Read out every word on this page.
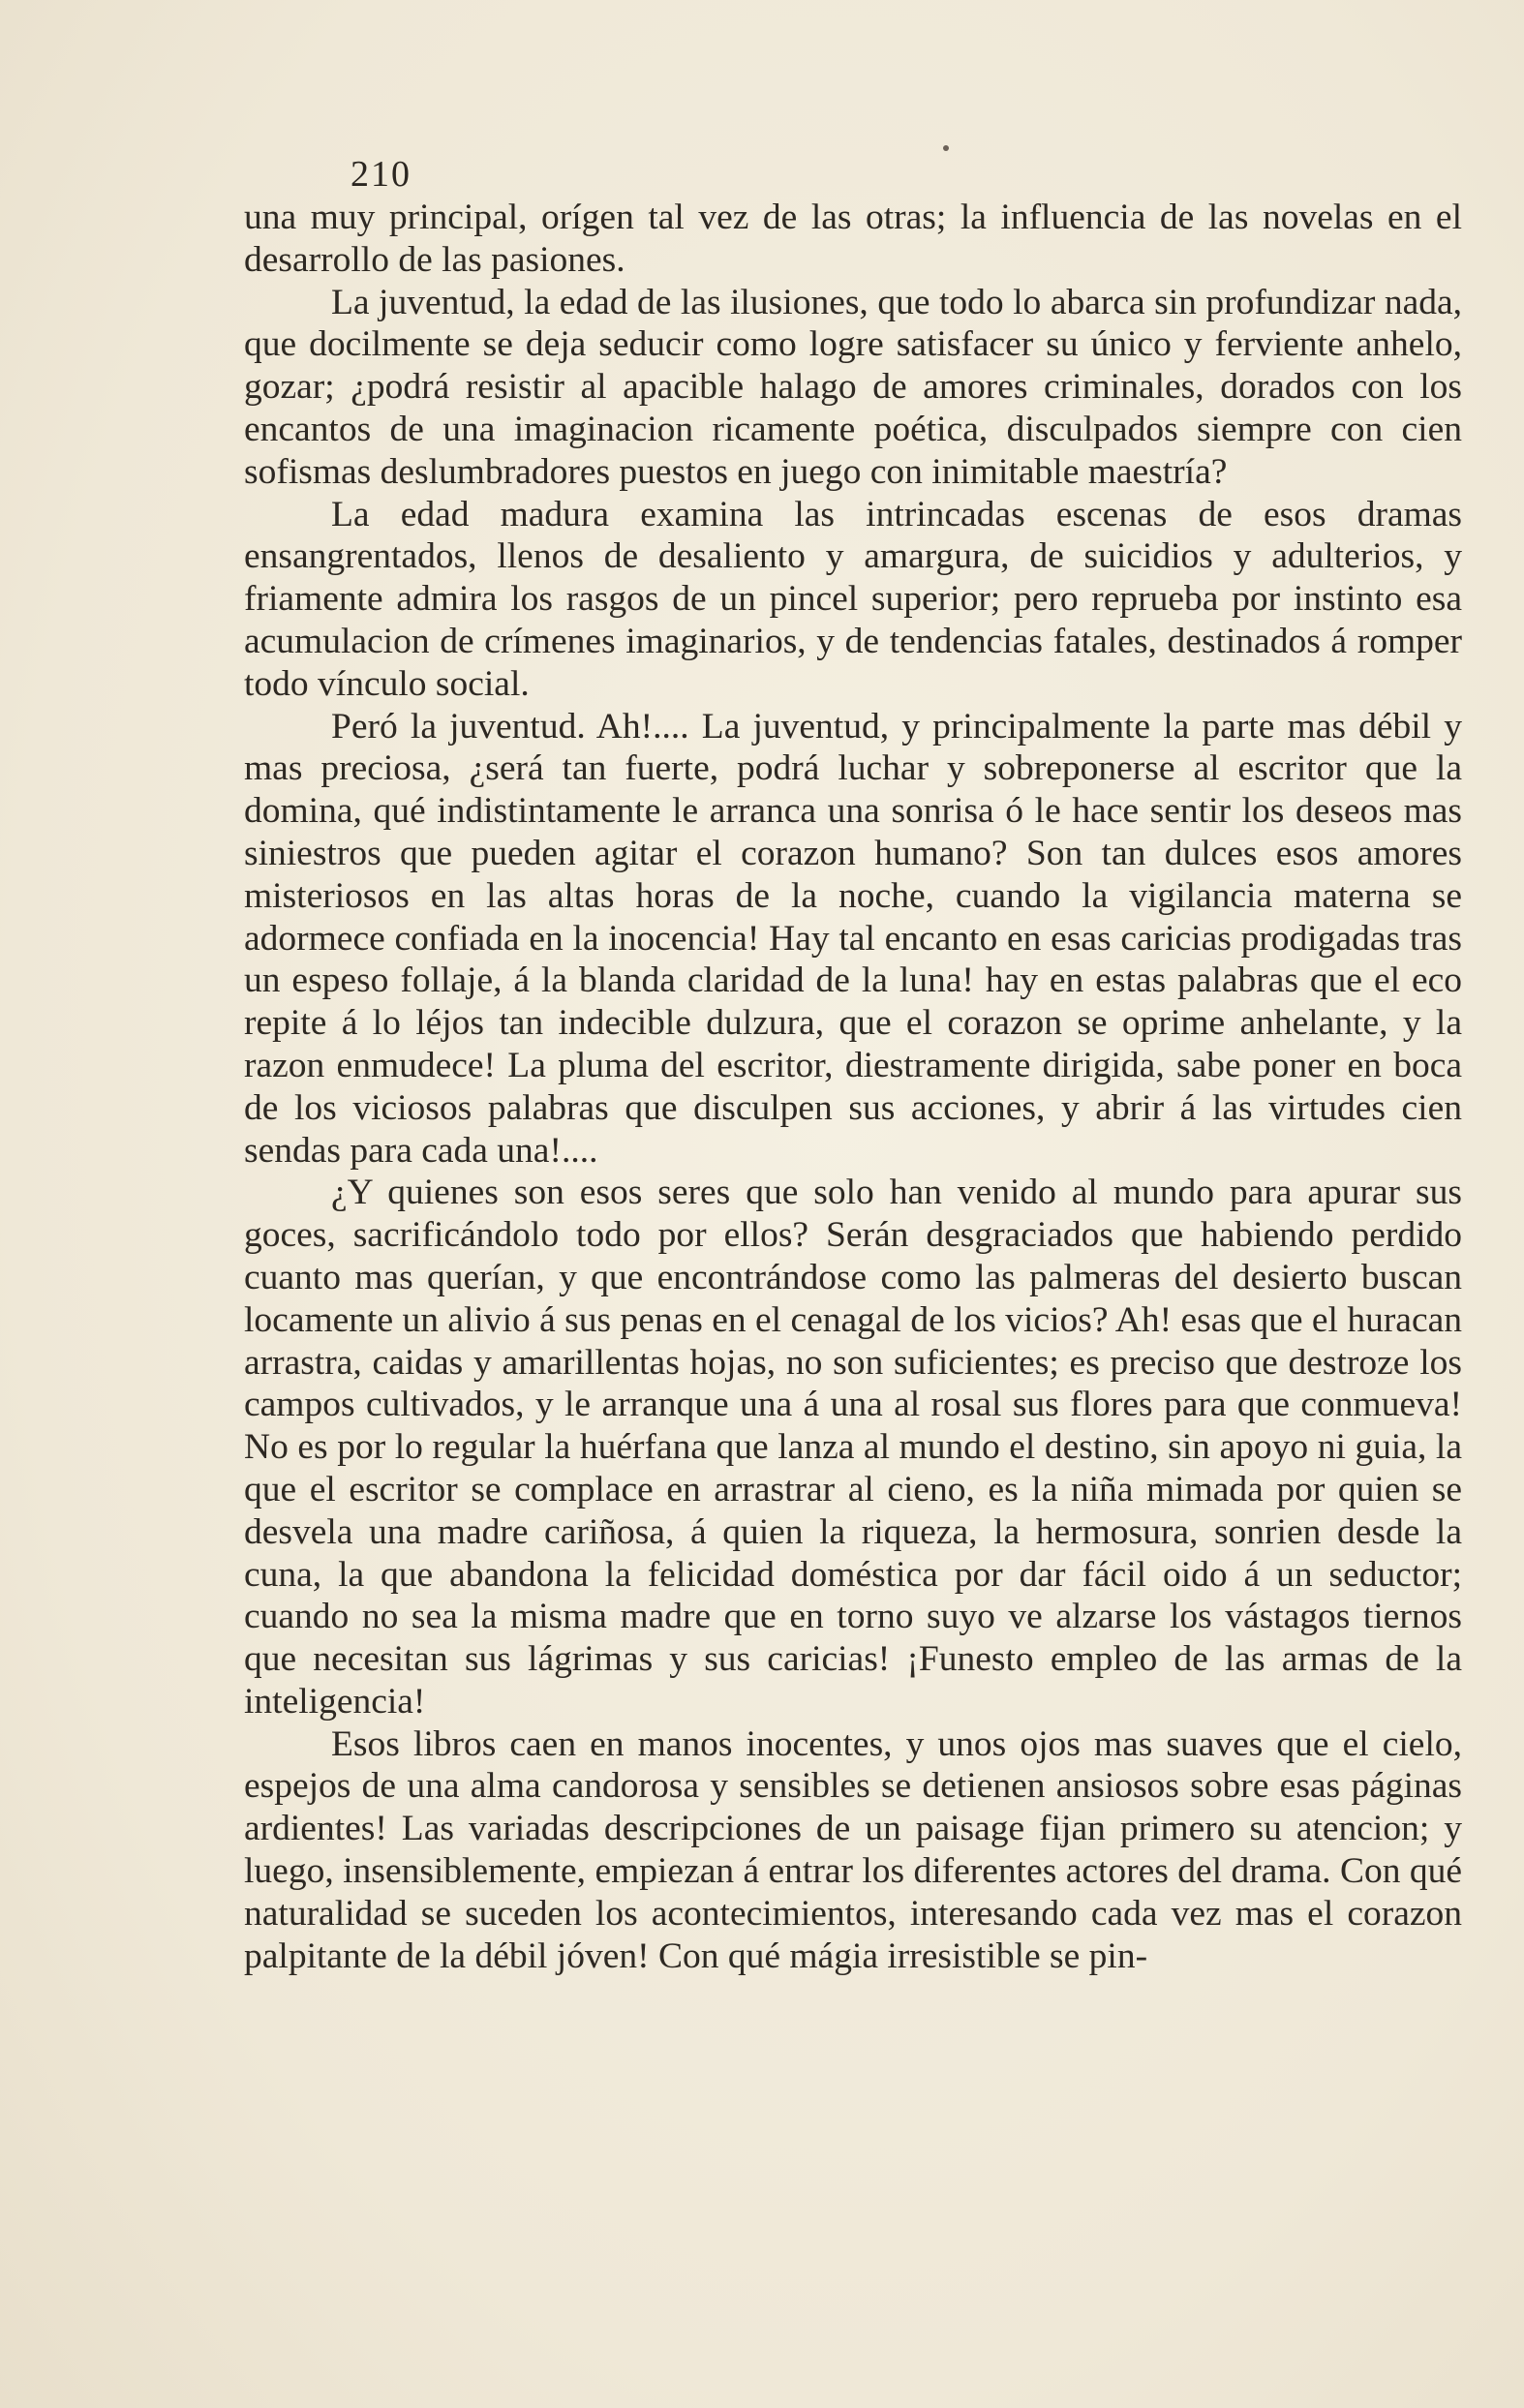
210

una muy principal, orígen tal vez de las otras; la influencia de las novelas en el desarrollo de las pasiones.

La juventud, la edad de las ilusiones, que todo lo abarca sin profundizar nada, que docilmente se deja seducir como logre satisfacer su único y ferviente anhelo, gozar; ¿podrá resistir al apacible halago de amores criminales, dorados con los encantos de una imaginacion ricamente poética, disculpados siempre con cien sofismas deslumbradores puestos en juego con inimitable maestría?

La edad madura examina las intrincadas escenas de esos dramas ensangrentados, llenos de desaliento y amargura, de suicidios y adulterios, y friamente admira los rasgos de un pincel superior; pero reprueba por instinto esa acumulacion de crímenes imaginarios, y de tendencias fatales, destinados á romper todo vínculo social.

Peró la juventud. Ah!.... La juventud, y principalmente la parte mas débil y mas preciosa, ¿será tan fuerte, podrá luchar y sobreponerse al escritor que la domina, qué indistintamente le arranca una sonrisa ó le hace sentir los deseos mas siniestros que pueden agitar el corazon humano? Son tan dulces esos amores misteriosos en las altas horas de la noche, cuando la vigilancia materna se adormece confiada en la inocencia! Hay tal encanto en esas caricias prodigadas tras un espeso follaje, á la blanda claridad de la luna! hay en estas palabras que el eco repite á lo léjos tan indecible dulzura, que el corazon se oprime anhelante, y la razon enmudece! La pluma del escritor, diestramente dirigida, sabe poner en boca de los viciosos palabras que disculpen sus acciones, y abrir á las virtudes cien sendas para cada una!....

¿Y quienes son esos seres que solo han venido al mundo para apurar sus goces, sacrificándolo todo por ellos? Serán desgraciados que habiendo perdido cuanto mas querían, y que encontrándose como las palmeras del desierto buscan locamente un alivio á sus penas en el cenagal de los vicios? Ah! esas que el huracan arrastra, caidas y amarillentas hojas, no son suficientes; es preciso que destroze los campos cultivados, y le arranque una á una al rosal sus flores para que conmueva! No es por lo regular la huérfana que lanza al mundo el destino, sin apoyo ni guia, la que el escritor se complace en arrastrar al cieno, es la niña mimada por quien se desvela una madre cariñosa, á quien la riqueza, la hermosura, sonrien desde la cuna, la que abandona la felicidad doméstica por dar fácil oido á un seductor; cuando no sea la misma madre que en torno suyo ve alzarse los vástagos tiernos que necesitan sus lágrimas y sus caricias! ¡Funesto empleo de las armas de la inteligencia!

Esos libros caen en manos inocentes, y unos ojos mas suaves que el cielo, espejos de una alma candorosa y sensibles se detienen ansiosos sobre esas páginas ardientes! Las variadas descripciones de un paisage fijan primero su atencion; y luego, insensiblemente, empiezan á entrar los diferentes actores del drama. Con qué naturalidad se suceden los acontecimientos, interesando cada vez mas el corazon palpitante de la débil jóven! Con qué mágia irresistible se pin-
